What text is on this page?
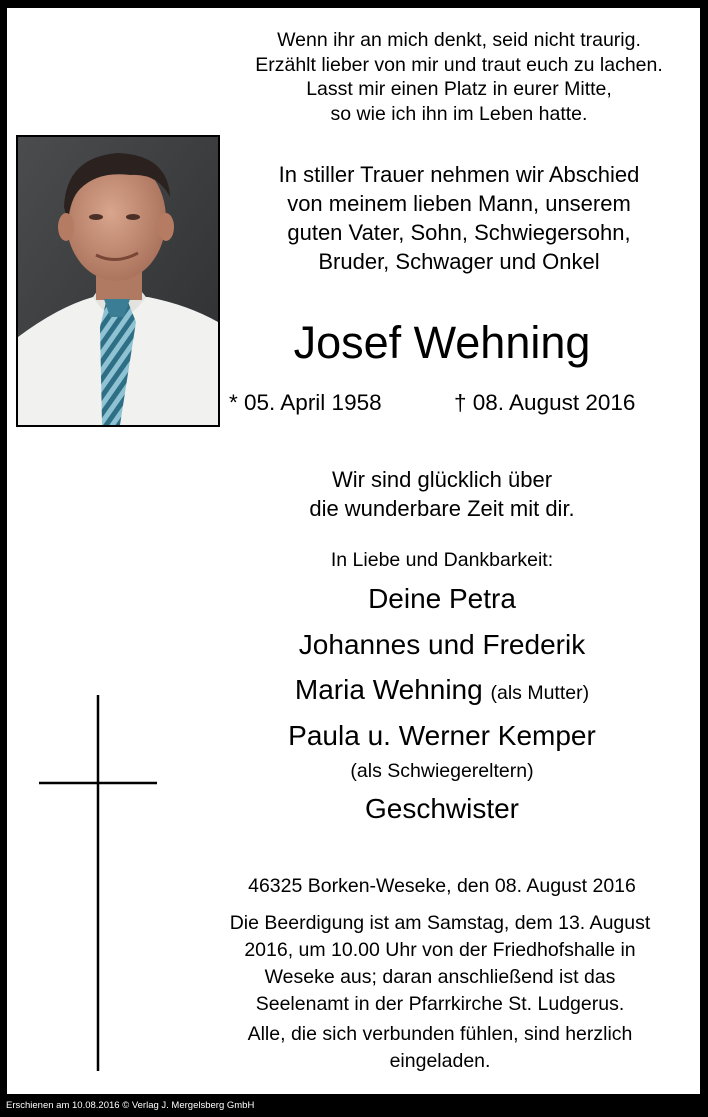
Wenn ihr an mich denkt, seid nicht traurig.
Erzählt lieber von mir und traut euch zu lachen.
Lasst mir einen Platz in eurer Mitte,
so wie ich ihn im Leben hatte.
In stiller Trauer nehmen wir Abschied
von meinem lieben Mann, unserem
guten Vater, Sohn, Schwiegersohn,
Bruder, Schwager und Onkel
Josef Wehning
* 05. April 1958	† 08. August 2016
Wir sind glücklich über
die wunderbare Zeit mit dir.
In Liebe und Dankbarkeit:
Deine Petra
Johannes und Frederik
Maria Wehning (als Mutter)
Paula u. Werner Kemper
(als Schwiegereltern)
Geschwister
46325 Borken-Weseke, den 08. August 2016
Die Beerdigung ist am Samstag, dem 13. August
2016, um 10.00 Uhr von der Friedhofshalle in
Weseke aus; daran anschließend ist das
Seelenamt in der Pfarrkirche St. Ludgerus.
Alle, die sich verbunden fühlen, sind herzlich
eingeladen.
Erschienen am 10.08.2016 © Verlag J. Mergelsberg GmbH
